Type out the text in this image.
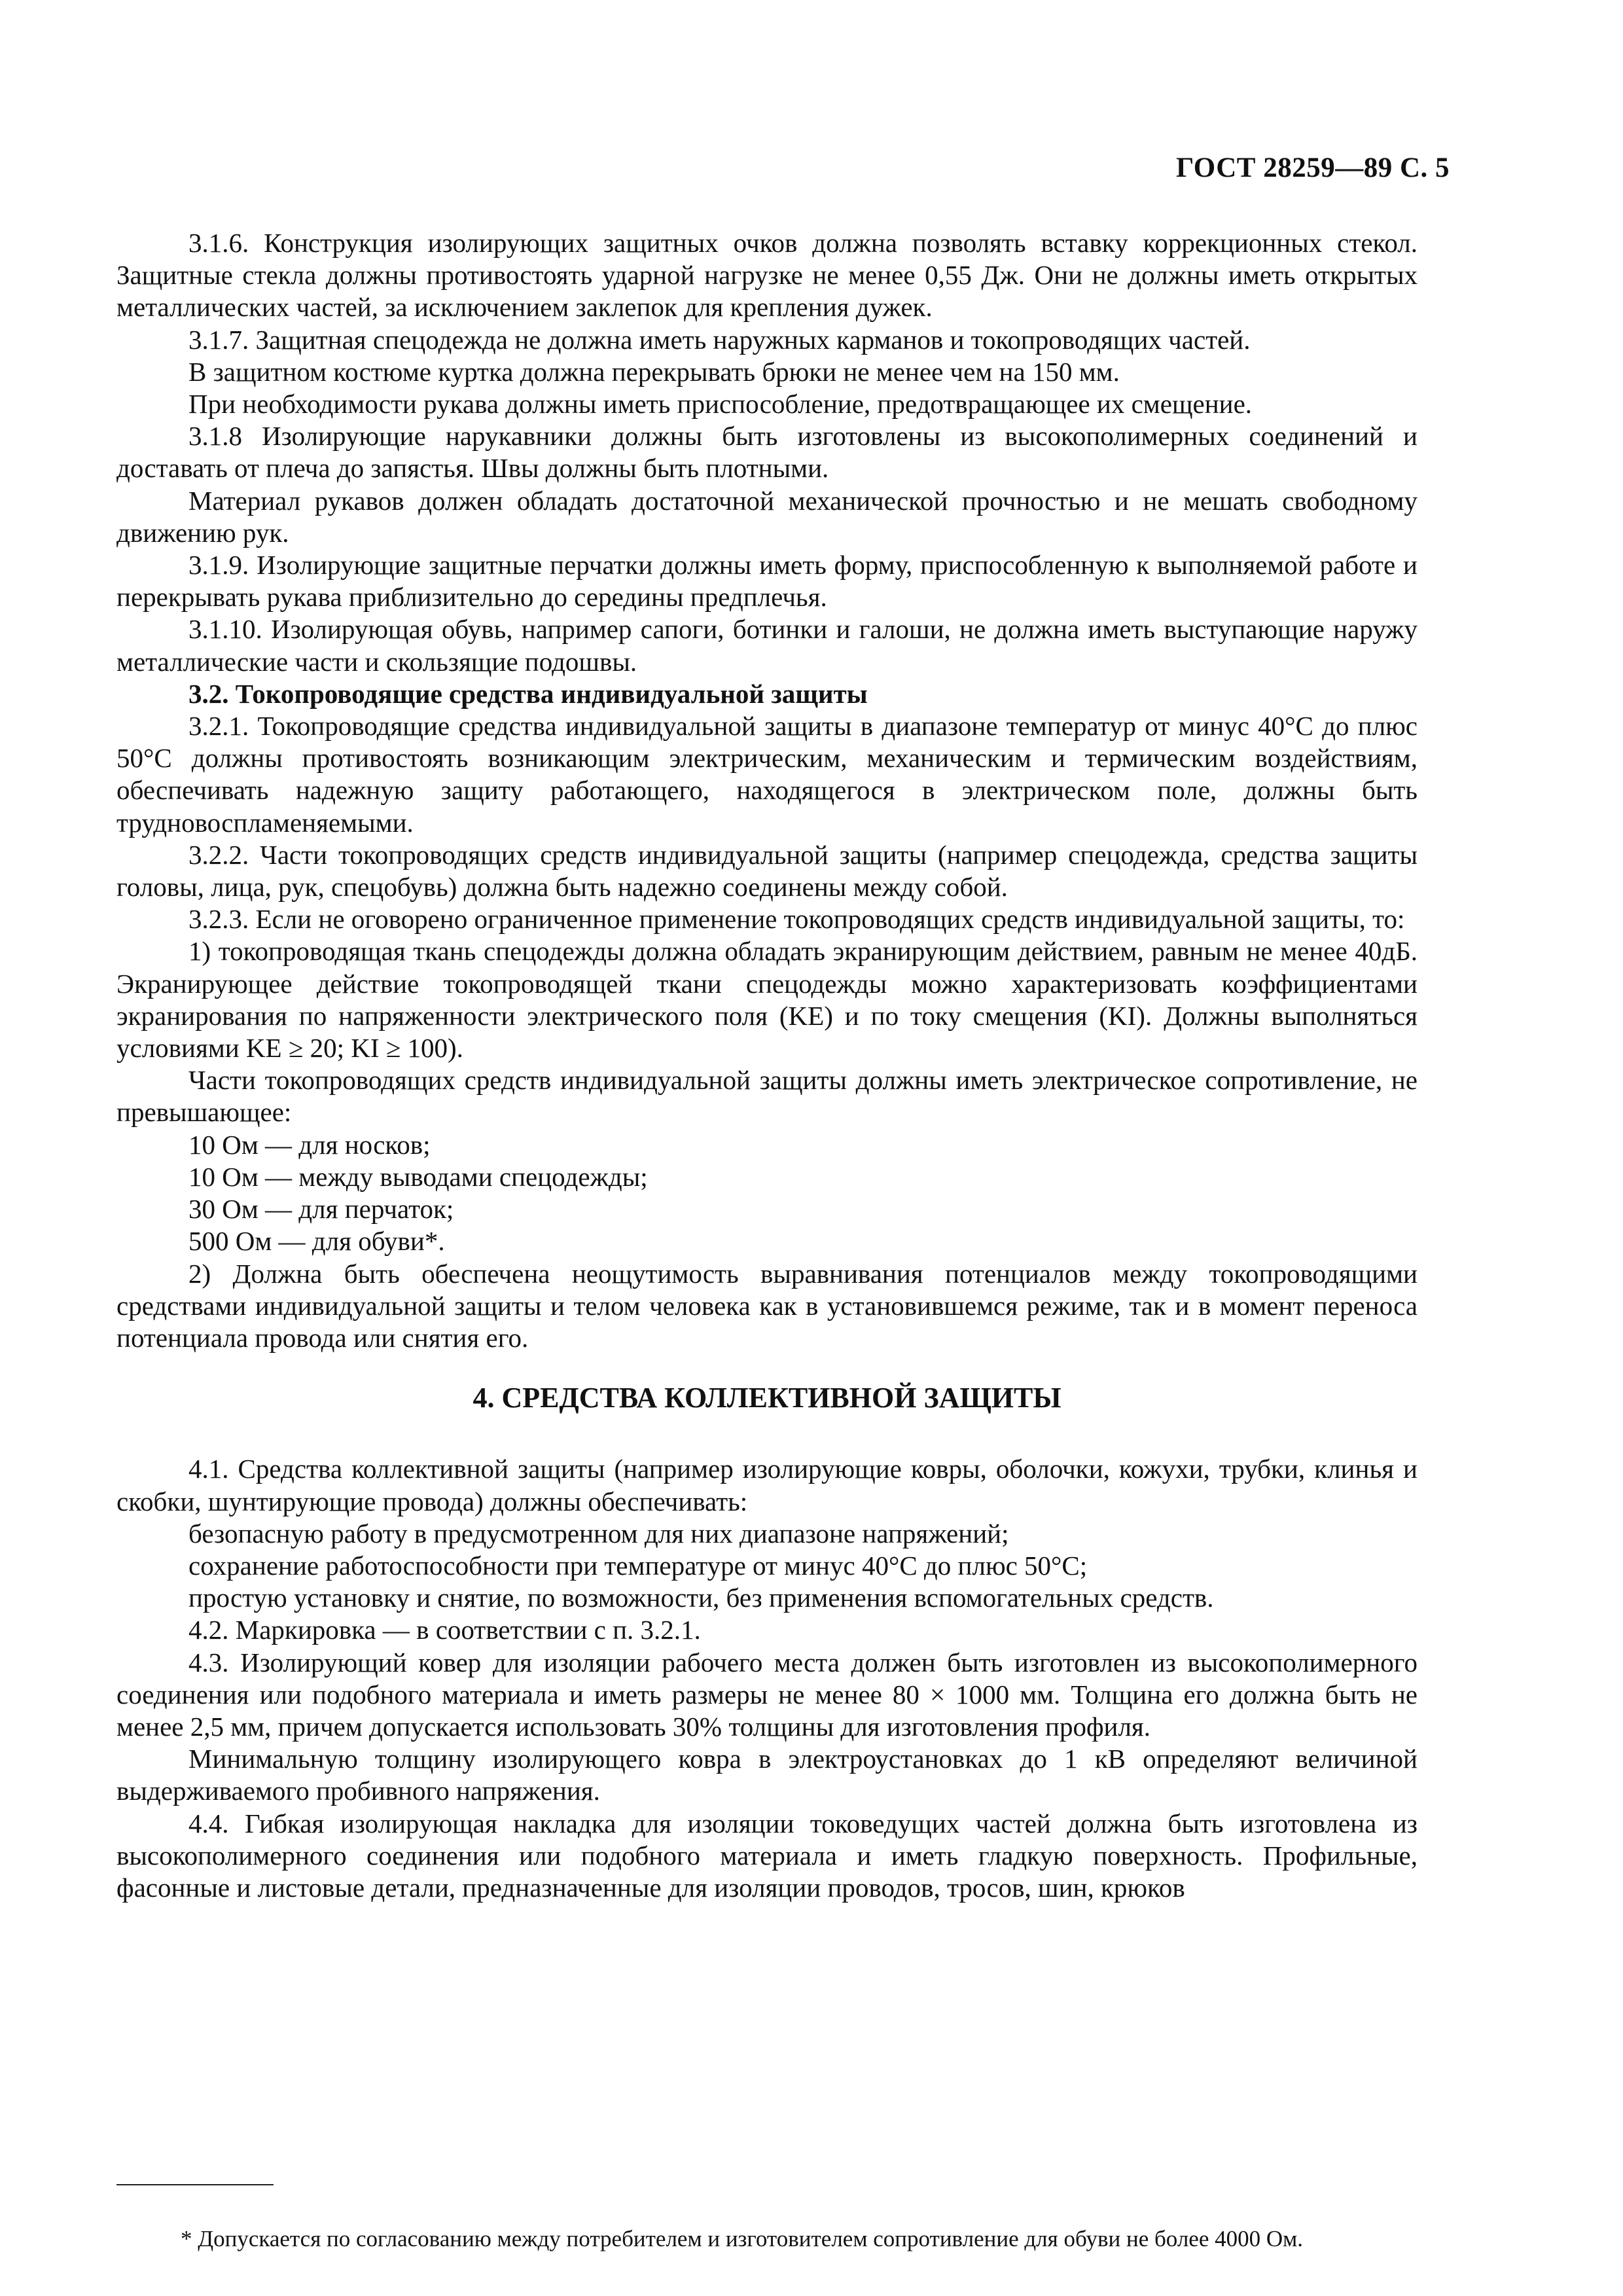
ГОСТ 28259—89 С. 5

3.1.6. Конструкция изолирующих защитных очков должна позволять вставку коррекционных стекол. Защитные стекла должны противостоять ударной нагрузке не менее 0,55 Дж. Они не должны иметь открытых металлических частей, за исключением заклепок для крепления дужек.

3.1.7. Защитная спецодежда не должна иметь наружных карманов и токопроводящих частей.

В защитном костюме куртка должна перекрывать брюки не менее чем на 150 мм.

При необходимости рукава должны иметь приспособление, предотвращающее их смещение.

3.1.8 Изолирующие нарукавники должны быть изготовлены из высокополимерных соединений и доставать от плеча до запястья. Швы должны быть плотными.

Материал рукавов должен обладать достаточной механической прочностью и не мешать свободному движению рук.

3.1.9. Изолирующие защитные перчатки должны иметь форму, приспособленную к выполняемой работе и перекрывать рукава приблизительно до середины предплечья.

3.1.10. Изолирующая обувь, например сапоги, ботинки и галоши, не должна иметь выступающие наружу металлические части и скользящие подошвы.

3.2. Токопроводящие средства индивидуальной защиты

3.2.1. Токопроводящие средства индивидуальной защиты в диапазоне температур от минус 40°С до плюс 50°С должны противостоять возникающим электрическим, механическим и термическим воздействиям, обеспечивать надежную защиту работающего, находящегося в электрическом поле, должны быть трудновоспламеняемыми.

3.2.2. Части токопроводящих средств индивидуальной защиты (например спецодежда, средства защиты головы, лица, рук, спецобувь) должна быть надежно соединены между собой.

3.2.3. Если не оговорено ограниченное применение токопроводящих средств индивидуальной защиты, то:

1) токопроводящая ткань спецодежды должна обладать экранирующим действием, равным не менее 40дБ. Экранирующее действие токопроводящей ткани спецодежды можно характеризовать коэффициентами экранирования по напряженности электрического поля (KE) и по току смещения (KI). Должны выполняться условиями KE ≥ 20; KI ≥ 100).

Части токопроводящих средств индивидуальной защиты должны иметь электрическое сопротивление, не превышающее:

10 Ом — для носков;

10 Ом — между выводами спецодежды;

30 Ом — для перчаток;

500 Ом — для обуви*.

2) Должна быть обеспечена неощутимость выравнивания потенциалов между токопроводящими средствами индивидуальной защиты и телом человека как в установившемся режиме, так и в момент переноса потенциала провода или снятия его.

4. СРЕДСТВА КОЛЛЕКТИВНОЙ ЗАЩИТЫ

4.1. Средства коллективной защиты (например изолирующие ковры, оболочки, кожухи, трубки, клинья и скобки, шунтирующие провода) должны обеспечивать:

безопасную работу в предусмотренном для них диапазоне напряжений;

сохранение работоспособности при температуре от минус 40°С до плюс 50°С;

простую установку и снятие, по возможности, без применения вспомогательных средств.

4.2. Маркировка — в соответствии с п. 3.2.1.

4.3. Изолирующий ковер для изоляции рабочего места должен быть изготовлен из высокополимерного соединения или подобного материала и иметь размеры не менее 80 × 1000 мм. Толщина его должна быть не менее 2,5 мм, причем допускается использовать 30% толщины для изготовления профиля.

Минимальную толщину изолирующего ковра в электроустановках до 1 кВ определяют величиной выдерживаемого пробивного напряжения.

4.4. Гибкая изолирующая накладка для изоляции токоведущих частей должна быть изготовлена из высокополимерного соединения или подобного материала и иметь гладкую поверхность. Профильные, фасонные и листовые детали, предназначенные для изоляции проводов, тросов, шин, крюков

* Допускается по согласованию между потребителем и изготовителем сопротивление для обуви не более 4000 Ом.
